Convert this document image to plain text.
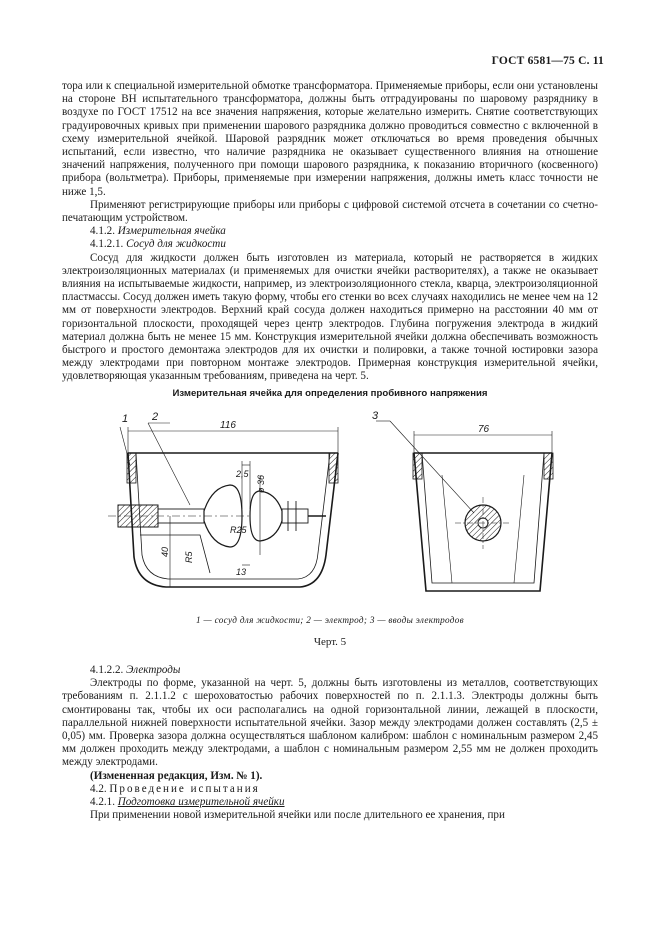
ГОСТ 6581—75 С. 11

тора или к специальной измерительной обмотке трансформатора. Применяемые приборы, если они установлены на стороне ВН испытательного трансформатора, должны быть отградуированы по шаровому разряднику в воздухе по ГОСТ 17512 на все значения напряжения, которые желательно измерить. Снятие соответствующих градуировочных кривых при применении шарового разрядника должно проводиться совместно с включенной в схему измерительной ячейкой. Шаровой разрядник может отключаться во время проведения обычных испытаний, если известно, что наличие разрядника не оказывает существенного влияния на отношение значений напряжения, полученного при помощи шарового разрядника, к показанию вторичного (косвенного) прибора (вольтметра). Приборы, применяемые при измерении напряжения, должны иметь класс точности не ниже 1,5.

Применяют регистрирующие приборы или приборы с цифровой системой отсчета в сочетании со счетно-печатающим устройством.

4.1.2. Измерительная ячейка

4.1.2.1. Сосуд для жидкости

Сосуд для жидкости должен быть изготовлен из материала, который не растворяется в жидких электроизоляционных материалах (и применяемых для очистки ячейки растворителях), а также не оказывает влияния на испытываемые жидкости, например, из электроизоляционного стекла, кварца, электроизоляционной пластмассы. Сосуд должен иметь такую форму, чтобы его стенки во всех случаях находились не менее чем на 12 мм от поверхности электродов. Верхний край сосуда должен находиться примерно на расстоянии 40 мм от горизонтальной плоскости, проходящей через центр электродов. Глубина погружения электрода в жидкий материал должна быть не менее 15 мм. Конструкция измерительной ячейки должна обеспечивать возможность быстрого и простого демонтажа электродов для их очистки и полировки, а также точной юстировки зазора между электродами при повторном монтаже электродов. Примерная конструкция измерительной ячейки, удовлетворяющая указанным требованиям, приведена на черт. 5.

Измерительная ячейка для определения пробивного напряжения
1 2
116
2,5
ø 36
R25
R5
40
13
3
76
1 — сосуд для жидкости; 2 — электрод; 3 — вводы электродов
Черт. 5

4.1.2.2. Электроды

Электроды по форме, указанной на черт. 5, должны быть изготовлены из металлов, соответствующих требованиям п. 2.1.1.2 с шероховатостью рабочих поверхностей по п. 2.1.1.3. Электроды должны быть смонтированы так, чтобы их оси располагались на одной горизонтальной линии, лежащей в плоскости, параллельной нижней поверхности испытательной ячейки. Зазор между электродами должен составлять (2,5 ± 0,05) мм. Проверка зазора должна осуществляться шаблоном калибром: шаблон с номинальным размером 2,45 мм должен проходить между электродами, а шаблон с номинальным размером 2,55 мм не должен проходить между электродами.

(Измененная редакция, Изм. № 1).

4.2. Проведение испытания

4.2.1. Подготовка измерительной ячейки

При применении новой измерительной ячейки или после длительного ее хранения, при
